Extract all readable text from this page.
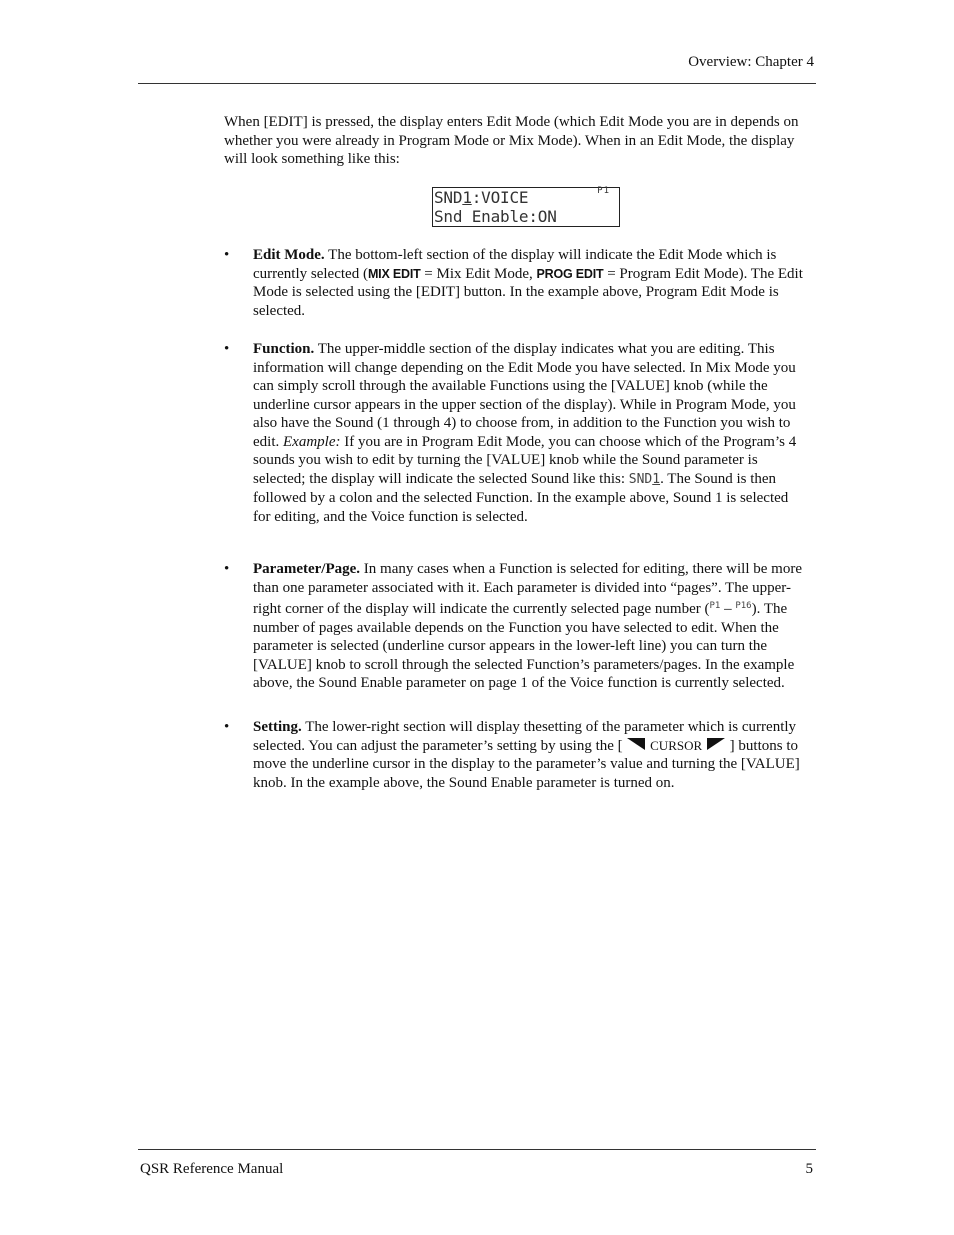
Overview: Chapter 4

When [EDIT] is pressed, the display enters Edit Mode (which Edit Mode you are in depends on whether you were already in Program Mode or Mix Mode). When in an Edit Mode, the display will look something like this:

SND1:VOICE	P1
Snd Enable:ON
• Edit Mode. The bottom-left section of the display will indicate the Edit Mode which is currently selected (MIX EDIT = Mix Edit Mode, PROG EDIT = Program Edit Mode). The Edit Mode is selected using the [EDIT] button. In the example above, Program Edit Mode is selected.
• Function. The upper-middle section of the display indicates what you are editing. This information will change depending on the Edit Mode you have selected. In Mix Mode you can simply scroll through the available Functions using the [VALUE] knob (while the underline cursor appears in the upper section of the display). While in Program Mode, you also have the Sound (1 through 4) to choose from, in addition to the Function you wish to edit. Example: If you are in Program Edit Mode, you can choose which of the Program’s 4 sounds you wish to edit by turning the [VALUE] knob while the Sound parameter is selected; the display will indicate the selected Sound like this: SND1. The Sound is then followed by a colon and the selected Function. In the example above, Sound 1 is selected for editing, and the Voice function is selected.
• Parameter/Page. In many cases when a Function is selected for editing, there will be more than one parameter associated with it. Each parameter is divided into “pages”. The upper-right corner of the display will indicate the currently selected page number ($^{P1}$ – $^{P16}$). The number of pages available depends on the Function you have selected to edit. When the parameter is selected (underline cursor appears in the lower-left line) you can turn the [VALUE] knob to scroll through the selected Function’s parameters/pages. In the example above, the Sound Enable parameter on page 1 of the Voice function is currently selected.
• Setting. The lower-right section will display thesetting of the parameter which is currently selected. You can adjust the parameter’s setting by using the [  CURSOR  ] buttons to move the underline cursor in the display to the parameter’s value and turning the [VALUE] knob. In the example above, the Sound Enable parameter is turned on.
QSR Reference Manual	5
